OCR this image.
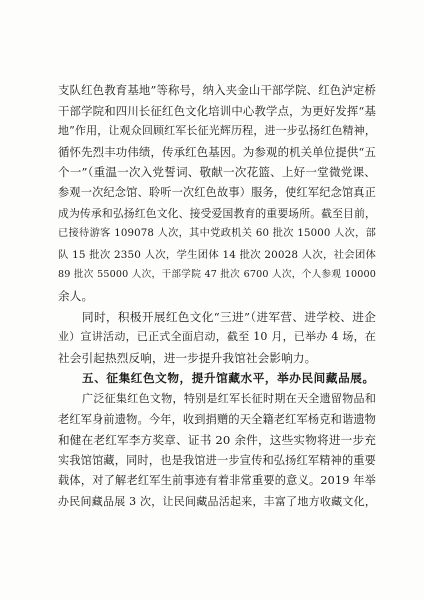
支队红色教育基地”等称号，纳入夹金山干部学院、红色泸定桥
干部学院和四川长征红色文化培训中心教学点，为更好发挥“基
地”作用，让观众回顾红军长征光辉历程，进一步弘扬红色精神，
循怀先烈丰功伟绩，传承红色基因。为参观的机关单位提供“五
个一”（重温一次入党誓词、敬献一次花篮、上好一堂微党课、
参观一次纪念馆、聆听一次红色故事）服务，使红军纪念馆真正
成为传承和弘扬红色文化、接受爱国教育的重要场所。截至目前，
已接待游客 109078 人次，其中党政机关 60 批次 15000 人次，部
队 15 批次 2350 人次，学生团体 14 批次 20028 人次，社会团体
89 批次 55000 人次，干部学院 47 批次 6700 人次，个人参观 10000
余人。
同时，积极开展红色文化“三进”（进军营、进学校、进企
业）宣讲活动，已正式全面启动，截至 10 月，已举办 4 场，在
社会引起热烈反响，进一步提升我馆社会影响力。
五、征集红色文物，提升馆藏水平，举办民间藏品展。
广泛征集红色文物，特别是红军长征时期在天全遗留物品和
老红军身前遗物。今年，收到捐赠的天全籍老红军杨克和谐遗物
和健在老红军李方奖章、证书 20 余件，这些实物将进一步充
实我馆馆藏，同时，也是我馆进一步宣传和弘扬红军精神的重要
载体，对了解老红军生前事迹有着非常重要的意义。2019 年举
办民间藏品展 3 次，让民间藏品活起来，丰富了地方收藏文化，
